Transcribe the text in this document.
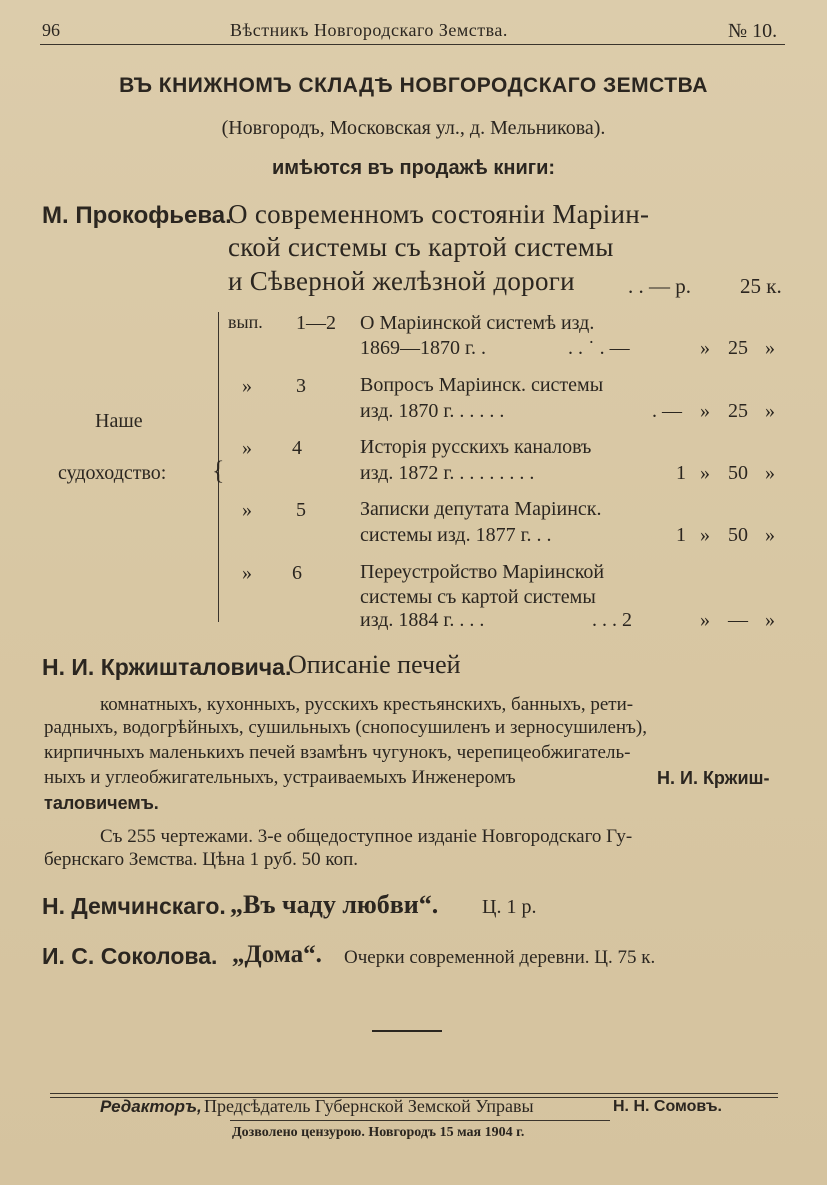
96	Вѣстникъ Новгородскаго Земства.	№ 10.
ВЪ КНИЖНОМЪ СКЛАДѢ НОВГОРОДСКАГО ЗЕМСТВА
(Новгородъ, Московская ул., д. Мельникова).
имѣются въ продажѣ книги:
М. Прокофьева.
О современномъ состояніи Маріин-
ской системы съ картой системы
и Сѣверной желѣзной дороги	. . — р. 25 к.
Наше
судоходство: {
вып. 1—2 О Маріинской системѣ изд.
1869—1870 г. .	. . ˙ . —	» 25 »
» 3	Вопросъ Маріинск. системы
изд. 1870 г. . . . . .	. — » 25 »
» 4	Исторія русскихъ каналовъ
изд. 1872 г. . . . . . . . .	1 » 50 »
» 5	Записки депутата Маріинск.
системы изд. 1877 г. . .	1 » 50 »
» 6	Переустройство Маріинской
системы съ картой системы
изд. 1884 г. . . .	. . . 2	» — »
Н. И. Кржишталовича.
Описаніе печей
комнатныхъ, кухонныхъ, русскихъ крестьянскихъ, банныхъ, рети-
радныхъ, водогрѣйныхъ, сушильныхъ (снопосушиленъ и зерносушиленъ),
кирпичныхъ маленькихъ печей взамѣнъ чугунокъ, черепицеобжигатель-
ныхъ и углеобжигательныхъ, устраиваемыхъ Инженеромъ	Н. И. Кржиш-
таловичемъ.
Съ 255 чертежами. 3-е общедоступное изданіе Новгородскаго Гу-
бернскаго Земства. Цѣна 1 руб. 50 коп.
Н. Демчинскаго. „Въ чаду любви“. Ц. 1 р.
И. С. Соколова. „Дома“. Очерки современной деревни. Ц. 75 к.
Редакторъ, Предсѣдатель Губернской Земской Управы	Н. Н. Сомовъ.
Дозволено цензурою. Новгородъ 15 мая 1904 г.
